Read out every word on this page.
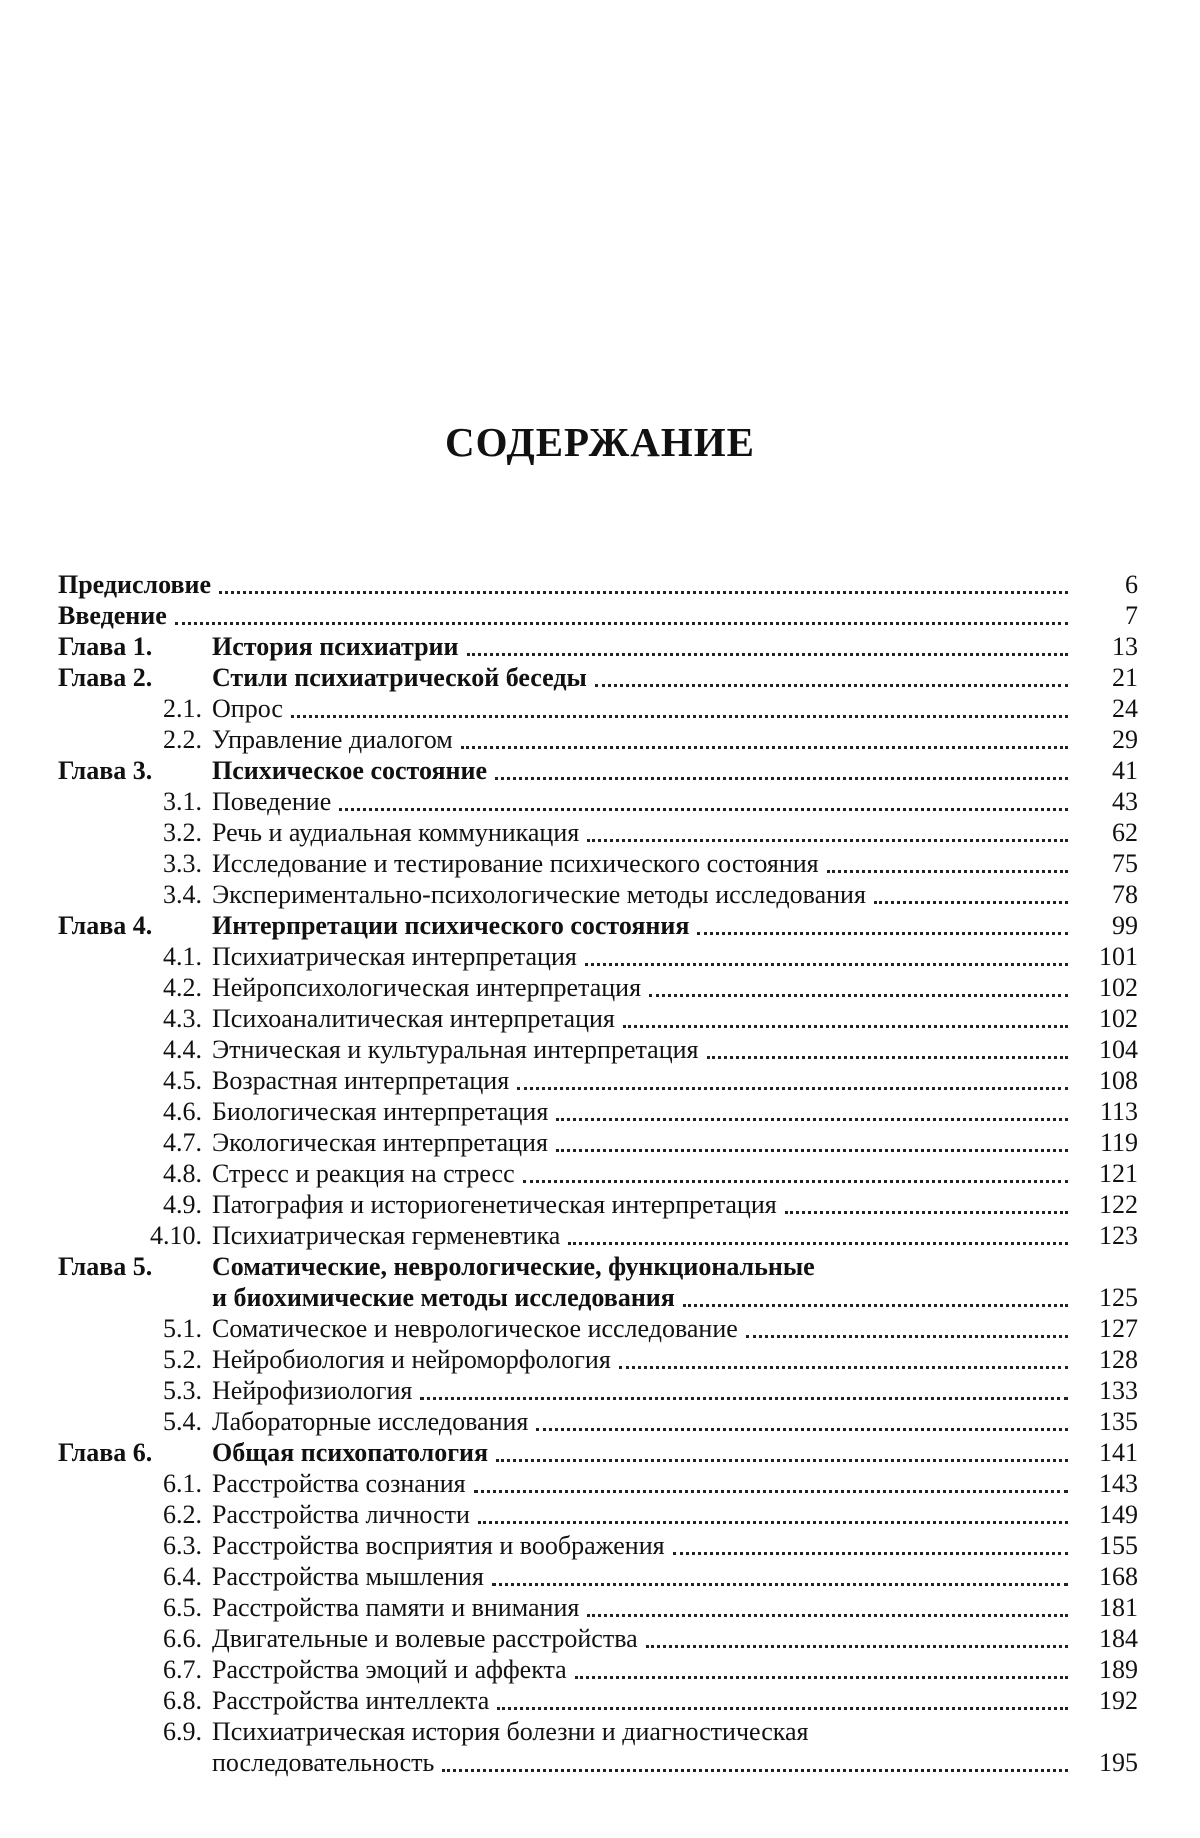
СОДЕРЖАНИЕ
Предисловие	6
Введение	7
Глава 1.	История психиатрии	13
Глава 2.	Стили психиатрической беседы	21
2.1. Опрос	24
2.2. Управление диалогом	29
Глава 3.	Психическое состояние	41
3.1. Поведение	43
3.2. Речь и аудиальная коммуникация	62
3.3. Исследование и тестирование психического состояния	75
3.4. Экспериментально-психологические методы исследования	78
Глава 4.	Интерпретации психического состояния	99
4.1. Психиатрическая интерпретация	101
4.2. Нейропсихологическая интерпретация	102
4.3. Психоаналитическая интерпретация	102
4.4. Этническая и культуральная интерпретация	104
4.5. Возрастная интерпретация	108
4.6. Биологическая интерпретация	113
4.7. Экологическая интерпретация	119
4.8. Стресс и реакция на стресс	121
4.9. Патография и историогенетическая интерпретация	122
4.10. Психиатрическая герменевтика	123
Глава 5.	Соматические, неврологические, функциональные
и биохимические методы исследования	125
5.1. Соматическое и неврологическое исследование	127
5.2. Нейробиология и нейроморфология	128
5.3. Нейрофизиология	133
5.4. Лабораторные исследования	135
Глава 6.	Общая психопатология	141
6.1. Расстройства сознания	143
6.2. Расстройства личности	149
6.3. Расстройства восприятия и воображения	155
6.4. Расстройства мышления	168
6.5. Расстройства памяти и внимания	181
6.6. Двигательные и волевые расстройства	184
6.7. Расстройства эмоций и аффекта	189
6.8. Расстройства интеллекта	192
6.9. Психиатрическая история болезни и диагностическая
последовательность	195
